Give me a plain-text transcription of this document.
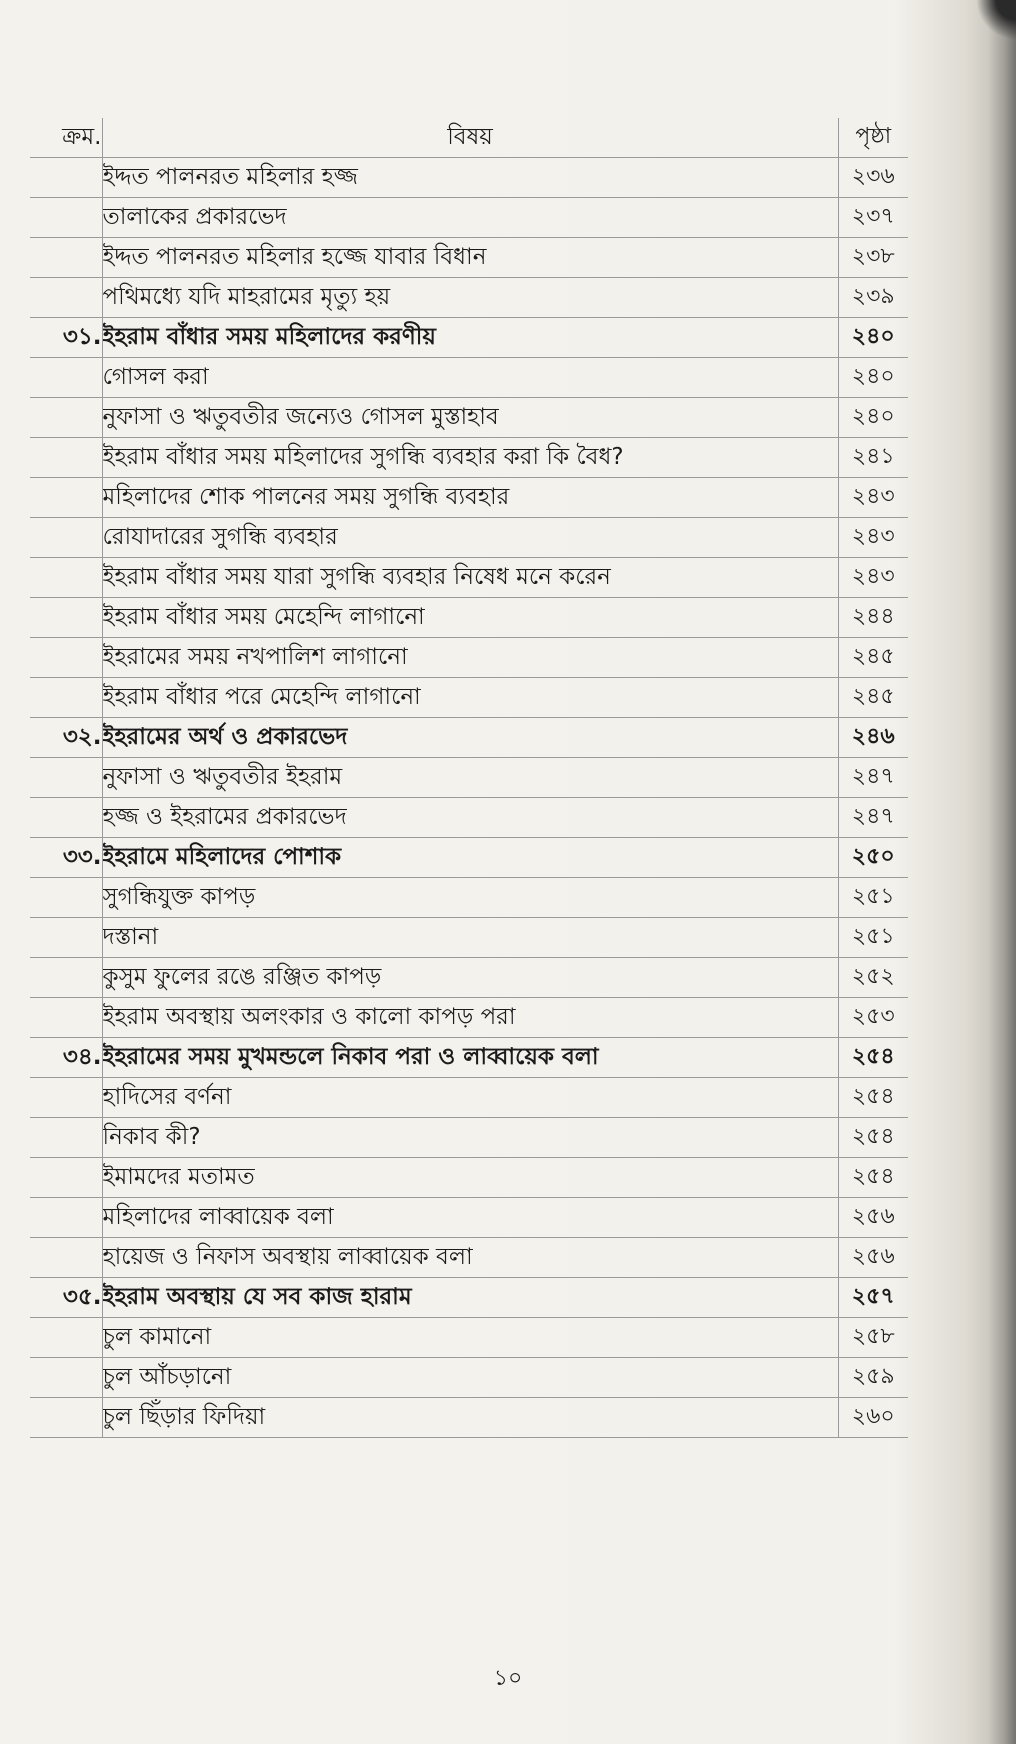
ক্রম.	বিষয়	পৃষ্ঠা
	ইদ্দত পালনরত মহিলার হজ্জ	২৩৬
	তালাকের প্রকারভেদ	২৩৭
	ইদ্দত পালনরত মহিলার হজ্জে যাবার বিধান	২৩৮
	পথিমধ্যে যদি মাহরামের মৃত্যু হয়	২৩৯
৩১.	ইহরাম বাঁধার সময় মহিলাদের করণীয়	২৪০
	গোসল করা	২৪০
	নুফাসা ও ঋতুবতীর জন্যেও গোসল মুস্তাহাব	২৪০
	ইহরাম বাঁধার সময় মহিলাদের সুগন্ধি ব্যবহার করা কি বৈধ?	২৪১
	মহিলাদের শোক পালনের সময় সুগন্ধি ব্যবহার	২৪৩
	রোযাদারের সুগন্ধি ব্যবহার	২৪৩
	ইহরাম বাঁধার সময় যারা সুগন্ধি ব্যবহার নিষেধ মনে করেন	২৪৩
	ইহরাম বাঁধার সময় মেহেন্দি লাগানো	২৪৪
	ইহরামের সময় নখপালিশ লাগানো	২৪৫
	ইহরাম বাঁধার পরে মেহেন্দি লাগানো	২৪৫
৩২.	ইহরামের অর্থ ও প্রকারভেদ	২৪৬
	নুফাসা ও ঋতুবতীর ইহরাম	২৪৭
	হজ্জ ও ইহরামের প্রকারভেদ	২৪৭
৩৩.	ইহরামে মহিলাদের পোশাক	২৫০
	সুগন্ধিযুক্ত কাপড়	২৫১
	দস্তানা	২৫১
	কুসুম ফুলের রঙে রঞ্জিত কাপড়	২৫২
	ইহরাম অবস্থায় অলংকার ও কালো কাপড় পরা	২৫৩
৩৪.	ইহরামের সময় মুখমন্ডলে নিকাব পরা ও লাব্বায়েক বলা	২৫৪
	হাদিসের বর্ণনা	২৫৪
	নিকাব কী?	২৫৪
	ইমামদের মতামত	২৫৪
	মহিলাদের লাব্বায়েক বলা	২৫৬
	হায়েজ ও নিফাস অবস্থায় লাব্বায়েক বলা	২৫৬
৩৫.	ইহরাম অবস্থায় যে সব কাজ হারাম	২৫৭
	চুল কামানো	২৫৮
	চুল আঁচড়ানো	২৫৯
	চুল ছিঁড়ার ফিদিয়া	২৬০
১০
